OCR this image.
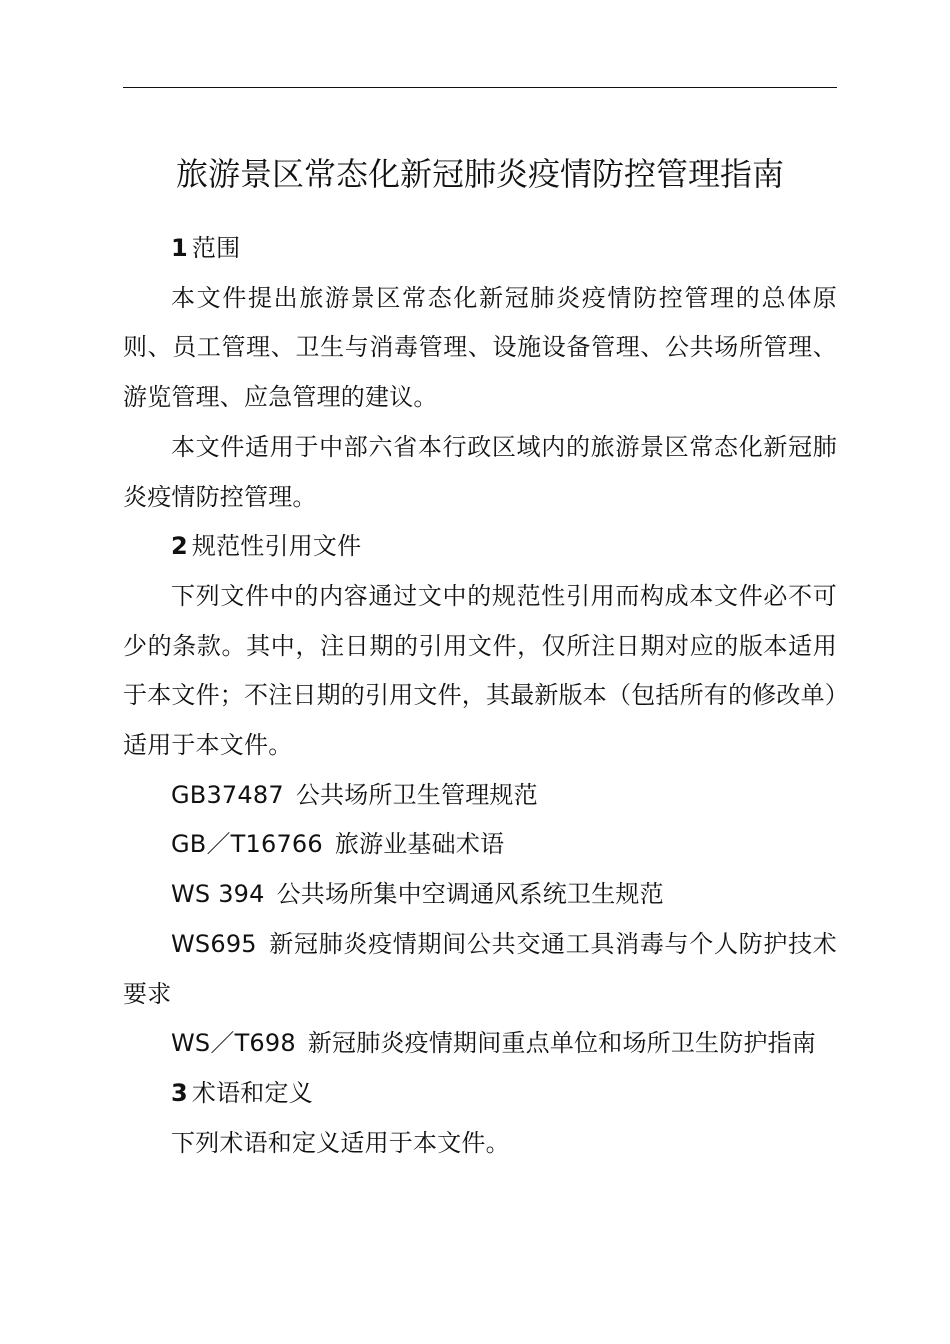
旅游景区常态化新冠肺炎疫情防控管理指南

1 范围

本文件提出旅游景区常态化新冠肺炎疫情防控管理的总体原则、员工管理、卫生与消毒管理、设施设备管理、公共场所管理、游览管理、应急管理的建议。

本文件适用于中部六省本行政区域内的旅游景区常态化新冠肺炎疫情防控管理。

2 规范性引用文件

下列文件中的内容通过文中的规范性引用而构成本文件必不可少的条款。其中，注日期的引用文件，仅所注日期对应的版本适用于本文件；不注日期的引用文件，其最新版本（包括所有的修改单）适用于本文件。

GB37487 公共场所卫生管理规范

GB／T16766 旅游业基础术语

WS 394 公共场所集中空调通风系统卫生规范

WS695 新冠肺炎疫情期间公共交通工具消毒与个人防护技术要求

WS／T698 新冠肺炎疫情期间重点单位和场所卫生防护指南

3 术语和定义

下列术语和定义适用于本文件。
